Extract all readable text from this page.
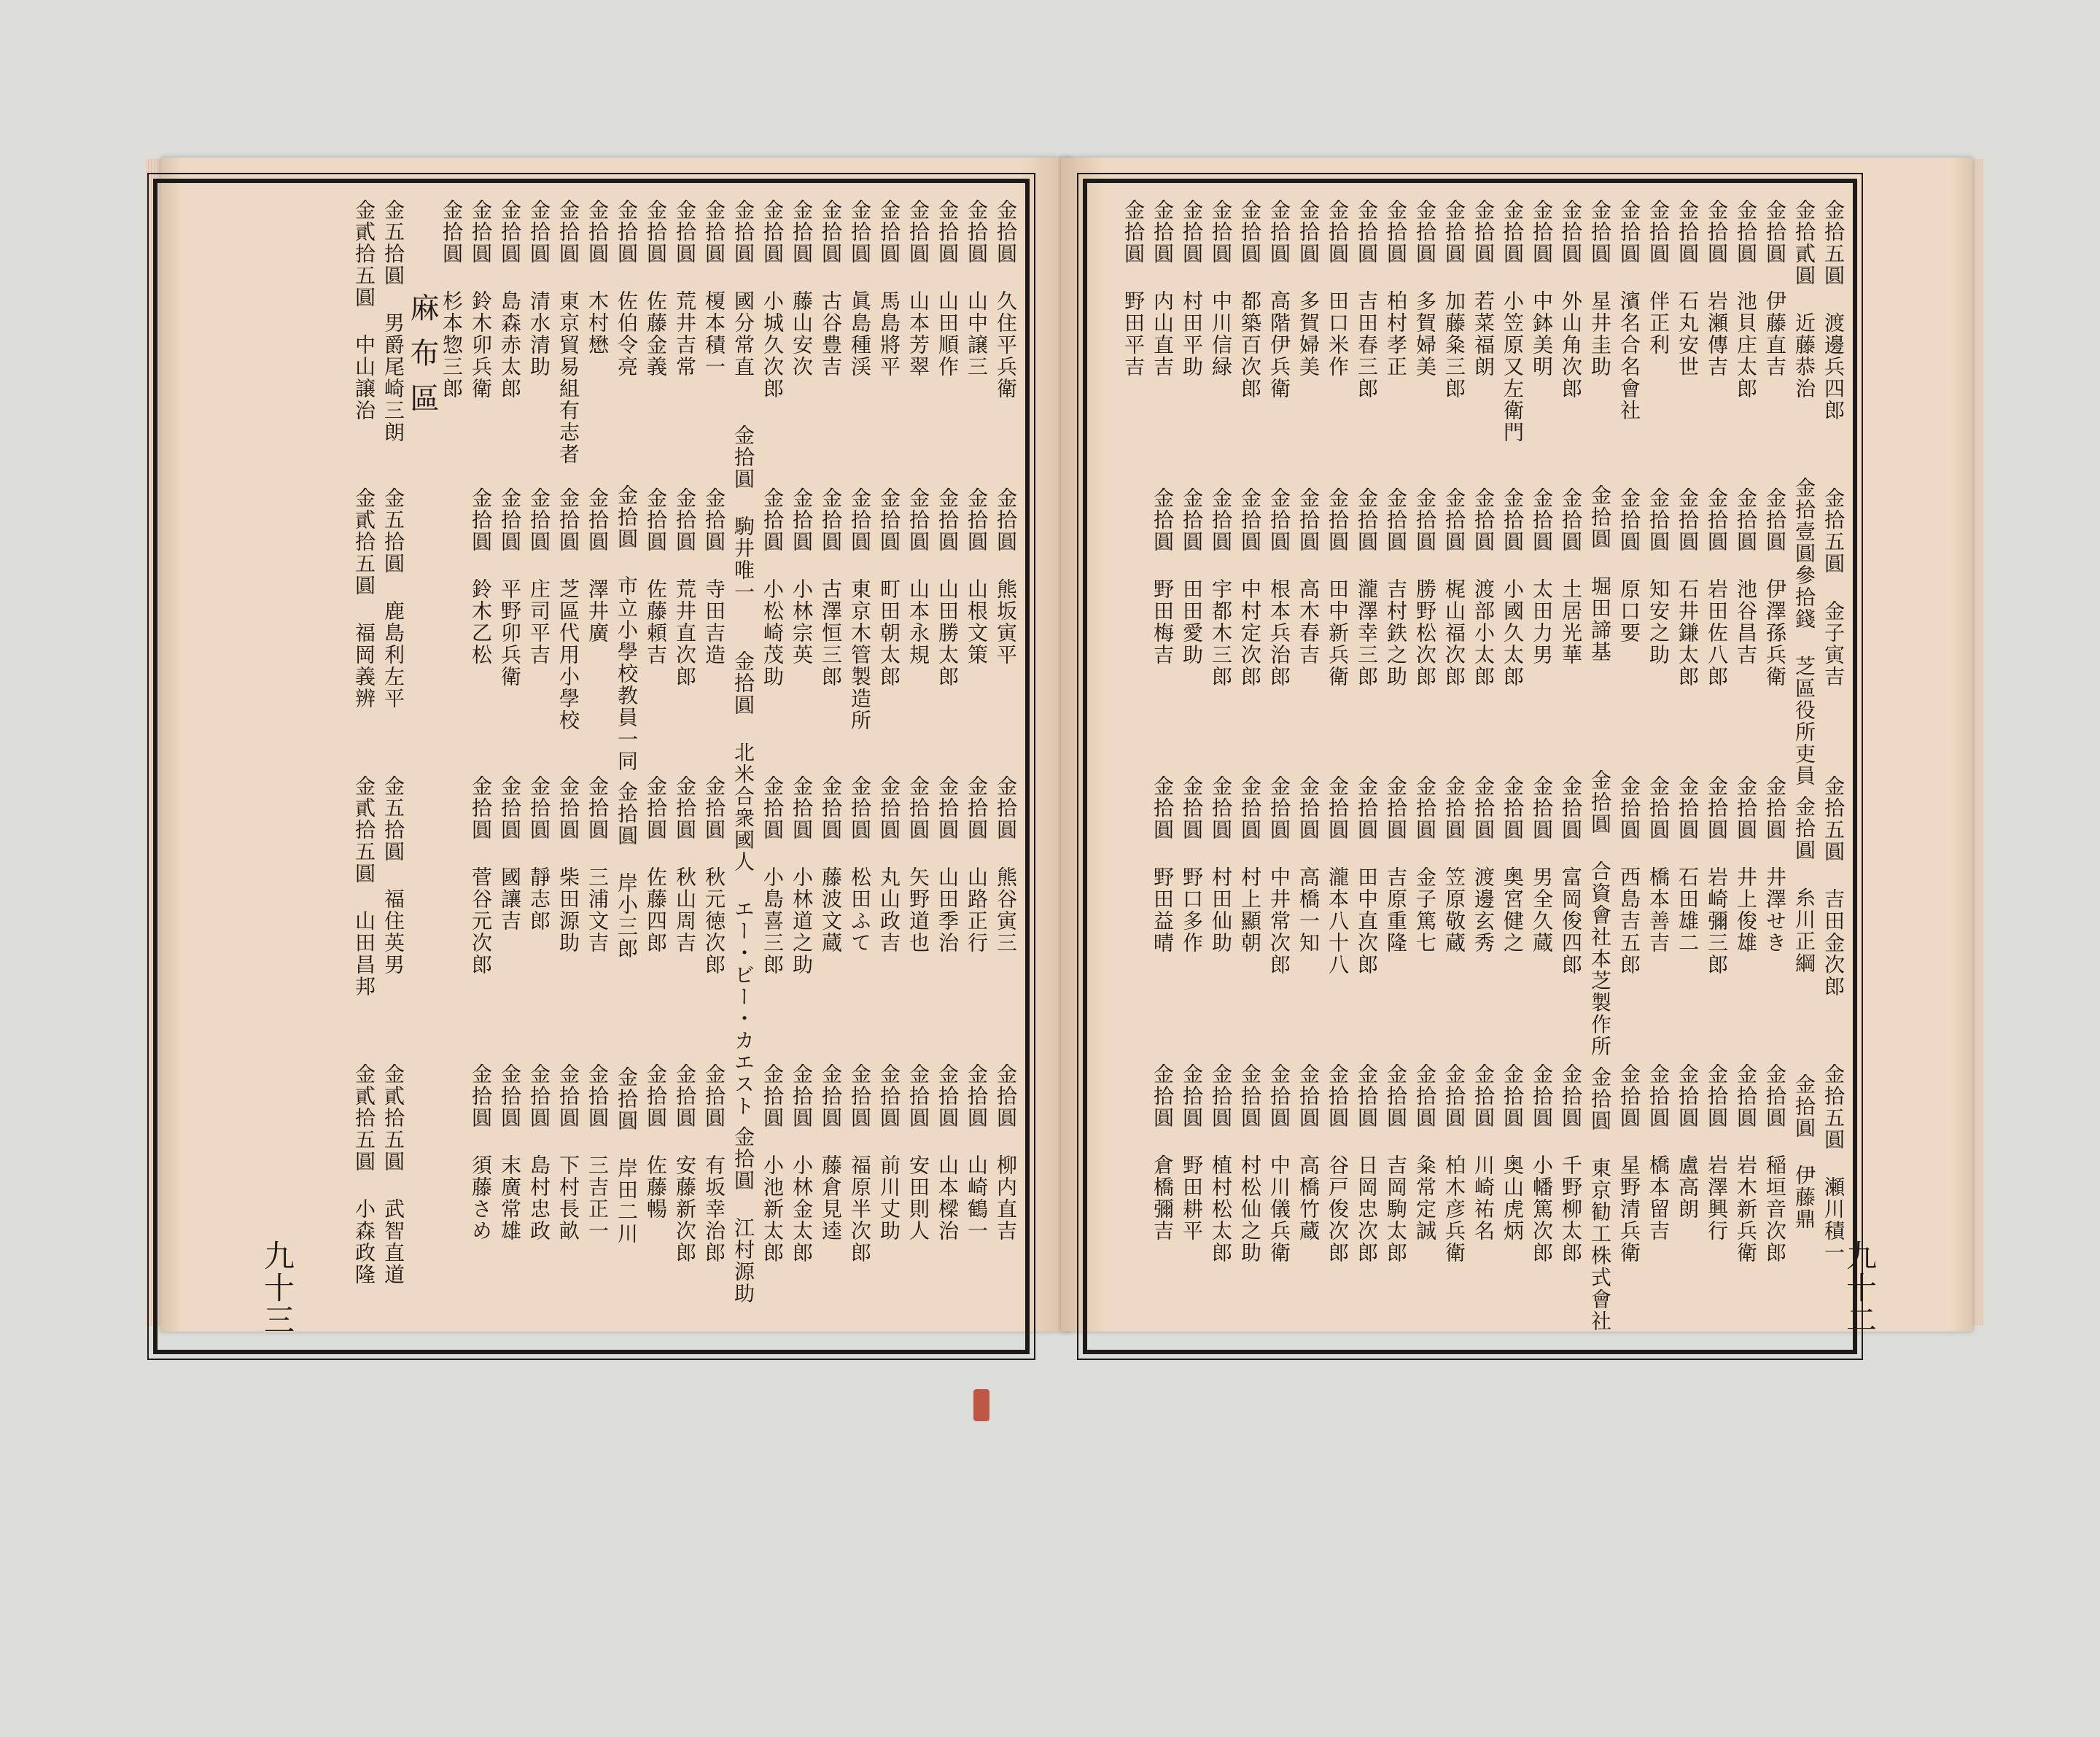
金拾圓 久住平兵衛
金拾圓 熊坂寅平
金拾圓 熊谷寅三
金拾圓 柳内直吉
金拾圓 山中譲三
金拾圓 山根文策
金拾圓 山路正行
金拾圓 山崎鶴一
金拾圓 山田順作
金拾圓 山田勝太郎
金拾圓 山田季治
金拾圓 山本樑治
金拾圓 山本芳翠
金拾圓 山本永規
金拾圓 矢野道也
金拾圓 安田則人
金拾圓 馬島將平
金拾圓 町田朝太郎
金拾圓 丸山政吉
金拾圓 前川丈助
金拾圓 眞島種渓
金拾圓 東京木管製造所
金拾圓 松田ふて
金拾圓 福原半次郎
金拾圓 古谷豊吉
金拾圓 古澤恒三郎
金拾圓 藤波文蔵
金拾圓 藤倉見逵
金拾圓 藤山安次
金拾圓 小林宗英
金拾圓 小林道之助
金拾圓 小林金太郎
金拾圓 小城久次郎
金拾圓 小松崎茂助
金拾圓 小島喜三郎
金拾圓 小池新太郎
金拾圓 國分常直
金拾圓 駒井唯一
金拾圓 北米合衆國人 エー・ビー・カエスト
金拾圓 江村源助
金拾圓 榎本積一
金拾圓 寺田吉造
金拾圓 秋元徳次郎
金拾圓 有坂幸治郎
金拾圓 荒井吉常
金拾圓 荒井直次郎
金拾圓 秋山周吉
金拾圓 安藤新次郎
金拾圓 佐藤金義
金拾圓 佐藤頼吉
金拾圓 佐藤四郎
金拾圓 佐藤暢
金拾圓 佐伯令亮
金拾圓 市立小學校教員一同
金拾圓 岸小三郎
金拾圓 岸田二川
金拾圓 木村懋
金拾圓 澤井廣
金拾圓 三浦文吉
金拾圓 三吉正一
金拾圓 東京貿易組有志者
金拾圓 芝區代用小學校
金拾圓 柴田源助
金拾圓 下村長畝
金拾圓 清水清助
金拾圓 庄司平吉
金拾圓 靜志郎
金拾圓 島村忠政
金拾圓 島森赤太郎
金拾圓 平野卯兵衛
金拾圓 國讓吉
金拾圓 末廣常雄
金拾圓 鈴木卯兵衛
金拾圓 鈴木乙松
金拾圓 菅谷元次郎
金拾圓 須藤さめ
金拾圓 杉本惣三郎
麻布區
金五拾圓 男爵尾崎三朗
金五拾圓 鹿島利左平
金五拾圓 福住英男
金貳拾五圓 武智直道
金貳拾五圓 中山譲治
金貳拾五圓 福岡義辨
金貳拾五圓 山田昌邦
金貳拾五圓 小森政隆
金拾五圓 渡邊兵四郎
金拾五圓 金子寅吉
金拾五圓 吉田金次郎
金拾五圓 瀬川積一
金拾貳圓 近藤恭治
金拾壹圓參拾錢 芝區役所吏員
金拾圓 糸川正綱
金拾圓 伊藤鼎
金拾圓 伊藤直吉
金拾圓 伊澤孫兵衛
金拾圓 井澤せき
金拾圓 稲垣音次郎
金拾圓 池貝庄太郎
金拾圓 池谷昌吉
金拾圓 井上俊雄
金拾圓 岩木新兵衛
金拾圓 岩瀬傳吉
金拾圓 岩田佐八郎
金拾圓 岩崎彌三郎
金拾圓 岩澤興行
金拾圓 石丸安世
金拾圓 石井鎌太郎
金拾圓 石田雄二
金拾圓 盧高朗
金拾圓 伴正利
金拾圓 知安之助
金拾圓 橋本善吉
金拾圓 橋本留吉
金拾圓 濱名合名會社
金拾圓 原口要
金拾圓 西島吉五郎
金拾圓 星野清兵衛
金拾圓 星井圭助
金拾圓 堀田諦基
金拾圓 合資會社本芝製作所
金拾圓 東京勧工株式會社
金拾圓 外山角次郎
金拾圓 土居光華
金拾圓 富岡俊四郎
金拾圓 千野柳太郎
金拾圓 中鉢美明
金拾圓 太田力男
金拾圓 男全久蔵
金拾圓 小幡篤次郎
金拾圓 小笠原又左衛門
金拾圓 小國久太郎
金拾圓 奥宮健之
金拾圓 奥山虎炳
金拾圓 若菜福朗
金拾圓 渡部小太郎
金拾圓 渡邊玄秀
金拾圓 川崎祐名
金拾圓 加藤粂三郎
金拾圓 梶山福次郎
金拾圓 笠原敬蔵
金拾圓 柏木彦兵衛
金拾圓 多賀婦美
金拾圓 勝野松次郎
金拾圓 金子篤七
金拾圓 粂常定誠
金拾圓 柏村孝正
金拾圓 吉村鉄之助
金拾圓 吉原重隆
金拾圓 吉岡駒太郎
金拾圓 吉田春三郎
金拾圓 瀧澤幸三郎
金拾圓 田中直次郎
金拾圓 日岡忠次郎
金拾圓 田口米作
金拾圓 田中新兵衛
金拾圓 瀧本八十八
金拾圓 谷戸俊次郎
金拾圓 多賀婦美
金拾圓 高木春吉
金拾圓 高橋一知
金拾圓 高橋竹蔵
金拾圓 高階伊兵衛
金拾圓 根本兵治郎
金拾圓 中井常次郎
金拾圓 中川儀兵衛
金拾圓 都築百次郎
金拾圓 中村定次郎
金拾圓 村上顯朝
金拾圓 村松仙之助
金拾圓 中川信緑
金拾圓 宇都木三郎
金拾圓 村田仙助
金拾圓 植村松太郎
金拾圓 村田平助
金拾圓 田田愛助
金拾圓 野口多作
金拾圓 野田耕平
金拾圓 内山直吉
金拾圓 野田梅吉
金拾圓 野田益晴
金拾圓 倉橋彌吉
金拾圓 野田平吉
九十三	九十二
